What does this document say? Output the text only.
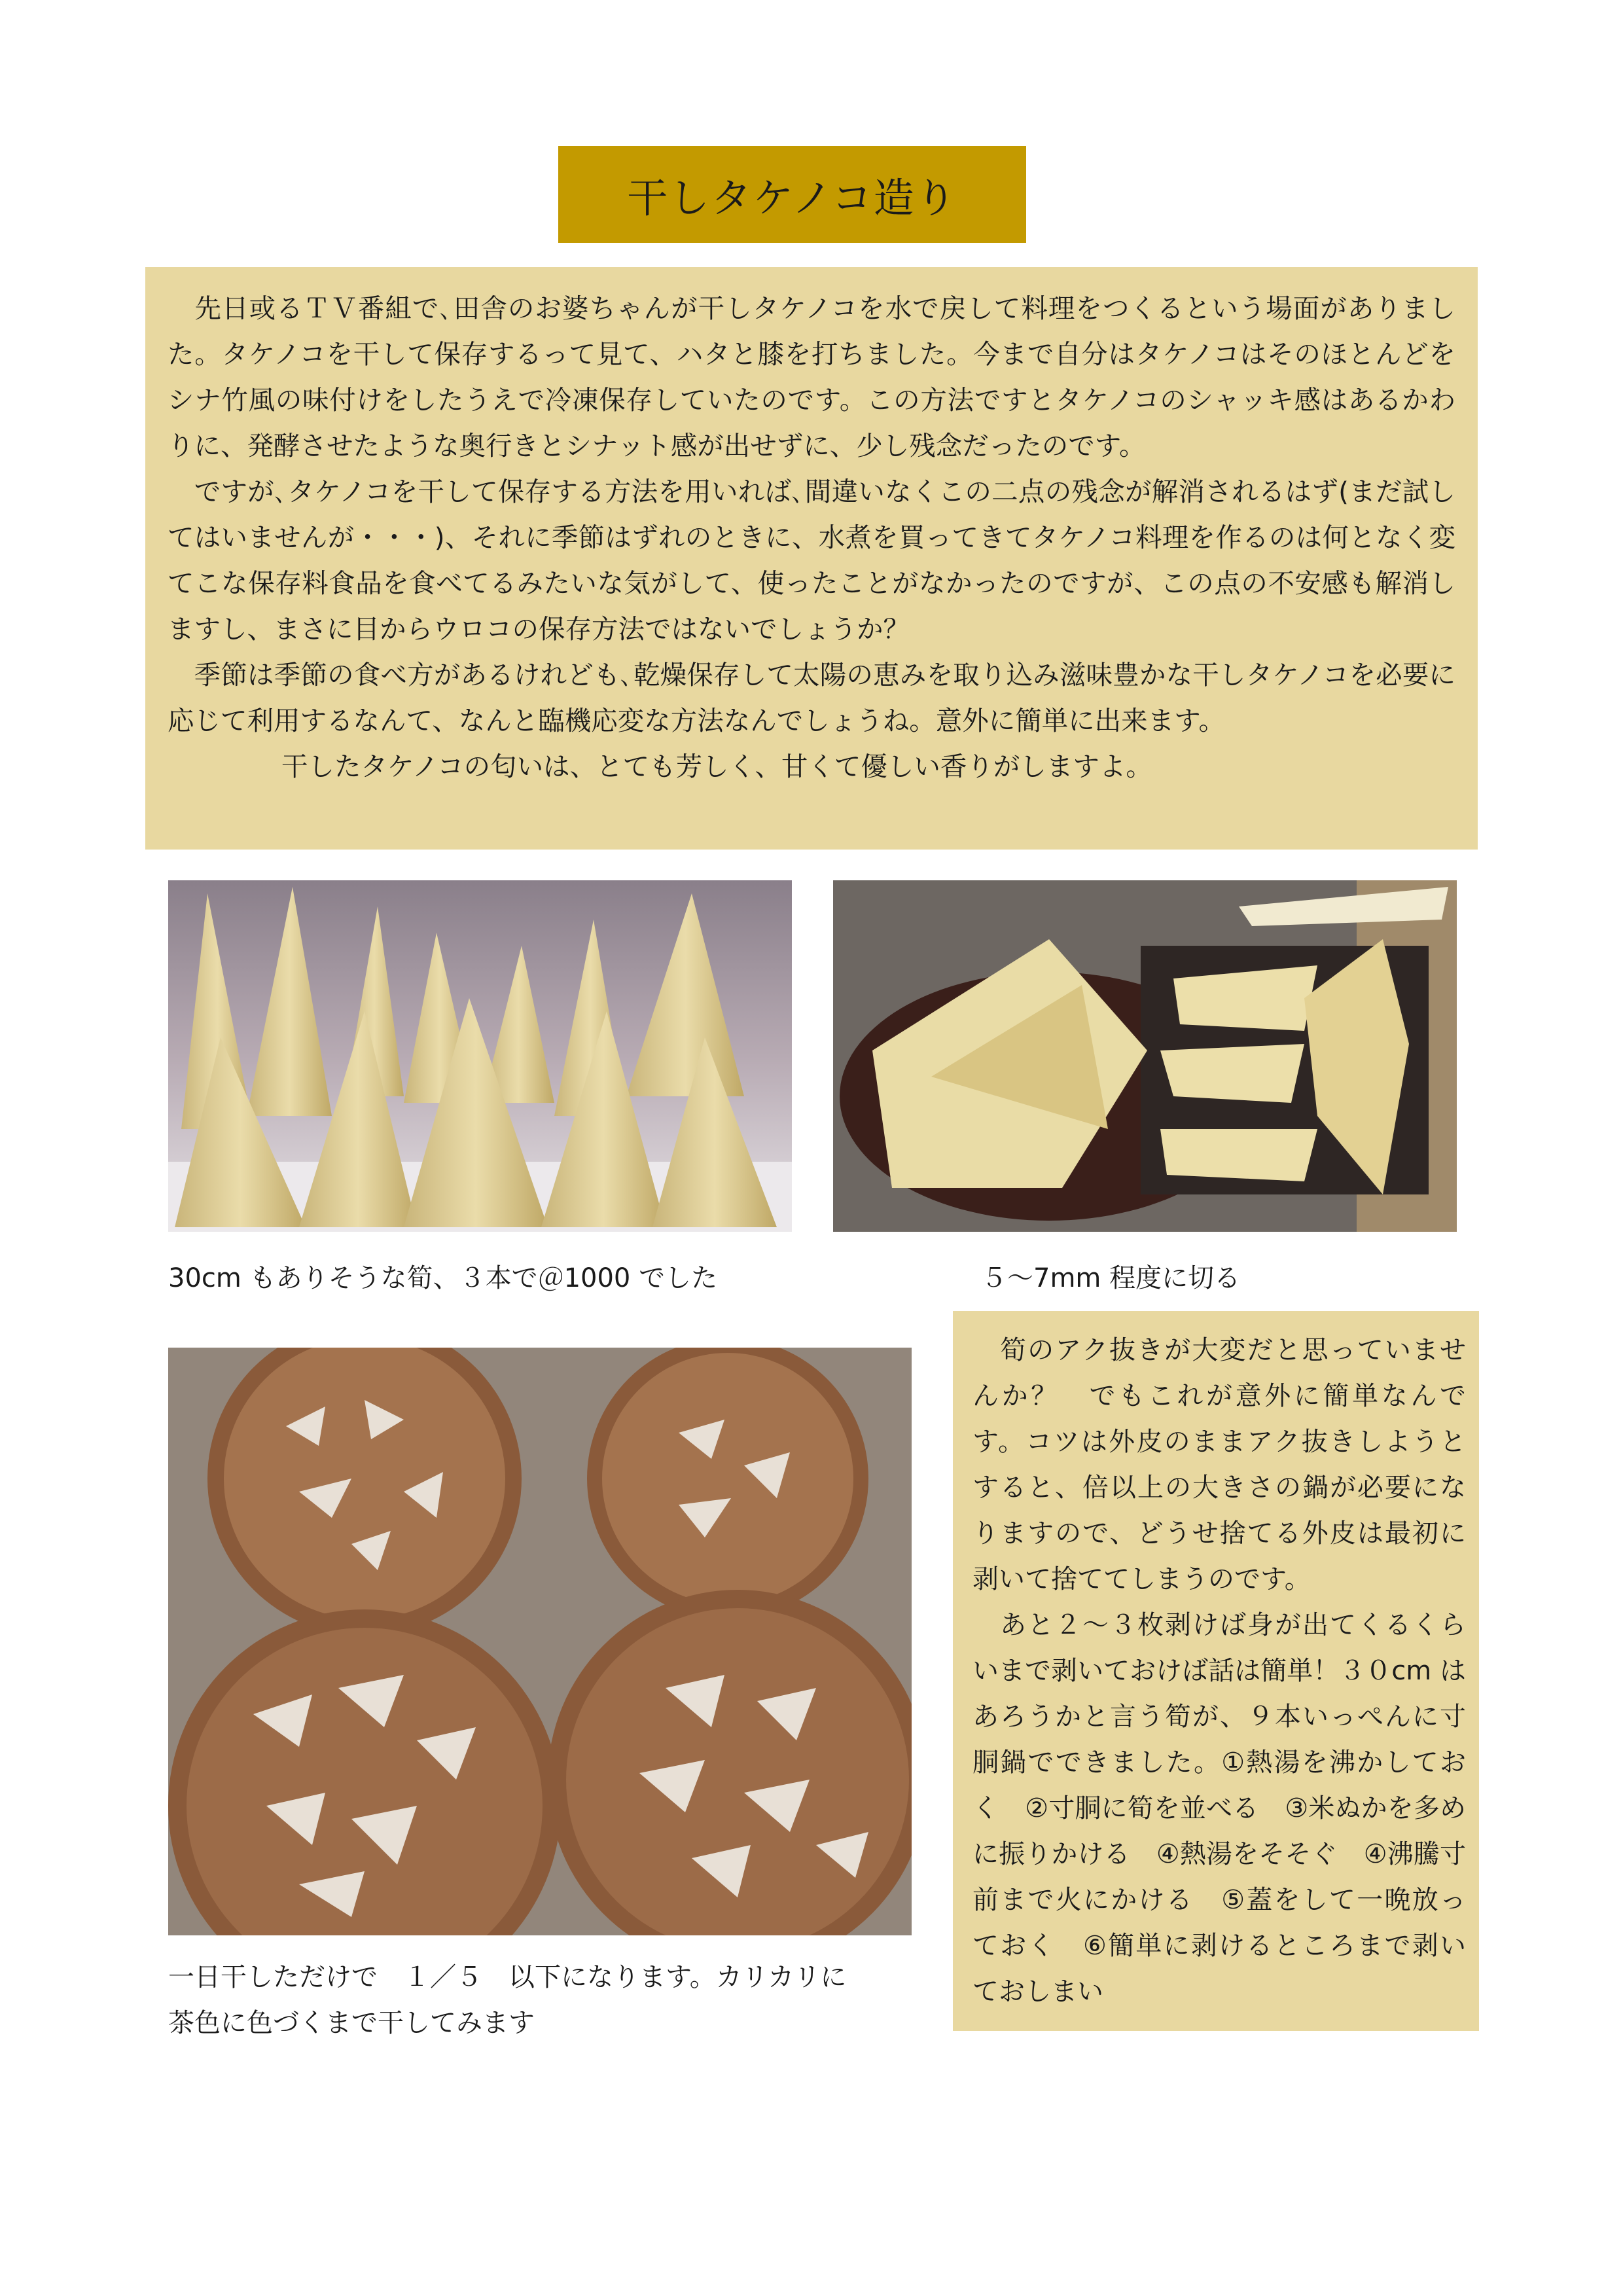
干しタケノコ造り

　先日或るＴＶ番組で､田舎のお婆ちゃんが干しタケノコを水で戻して料理をつくるという場面がありました。タケノコを干して保存するって見て、ハタと膝を打ちました。今まで自分はタケノコはそのほとんどをシナ竹風の味付けをしたうえで冷凍保存していたのです。この方法ですとタケノコのシャッキ感はあるかわりに、発酵させたような奥行きとシナット感が出せずに、少し残念だったのです。

　ですが､タケノコを干して保存する方法を用いれば､間違いなくこの二点の残念が解消されるはず(まだ試してはいませんが・・・)、それに季節はずれのときに、水煮を買ってきてタケノコ料理を作るのは何となく変てこな保存料食品を食べてるみたいな気がして、使ったことがなかったのですが、この点の不安感も解消しますし、まさに目からウロコの保存方法ではないでしょうか？

　季節は季節の食べ方があるけれども､乾燥保存して太陽の恵みを取り込み滋味豊かな干しタケノコを必要に応じて利用するなんて、なんと臨機応変な方法なんでしょうね。意外に簡単に出来ます。

干したタケノコの匂いは、とても芳しく、甘くて優しい香りがしますよ。

30cm もありそうな筍、３本で＠1000 でした	５～7mm 程度に切る
一日干しただけで　１／５　以下になります。カリカリに
茶色に色づくまで干してみます

　筍のアク抜きが大変だと思っていませんか？　でもこれが意外に簡単なんです。コツは外皮のままアク抜きしようとすると、倍以上の大きさの鍋が必要になりますので、どうせ捨てる外皮は最初に剥いて捨ててしまうのです。

　あと２～３枚剥けば身が出てくるくらいまで剥いておけば話は簡単！３０cm はあろうかと言う筍が、９本いっぺんに寸胴鍋でできました。①熱湯を沸かしておく　②寸胴に筍を並べる　③米ぬかを多めに振りかける　④熱湯をそそぐ　④沸騰寸前まで火にかける　⑤蓋をして一晩放っておく　⑥簡単に剥けるところまで剥いておしまい
